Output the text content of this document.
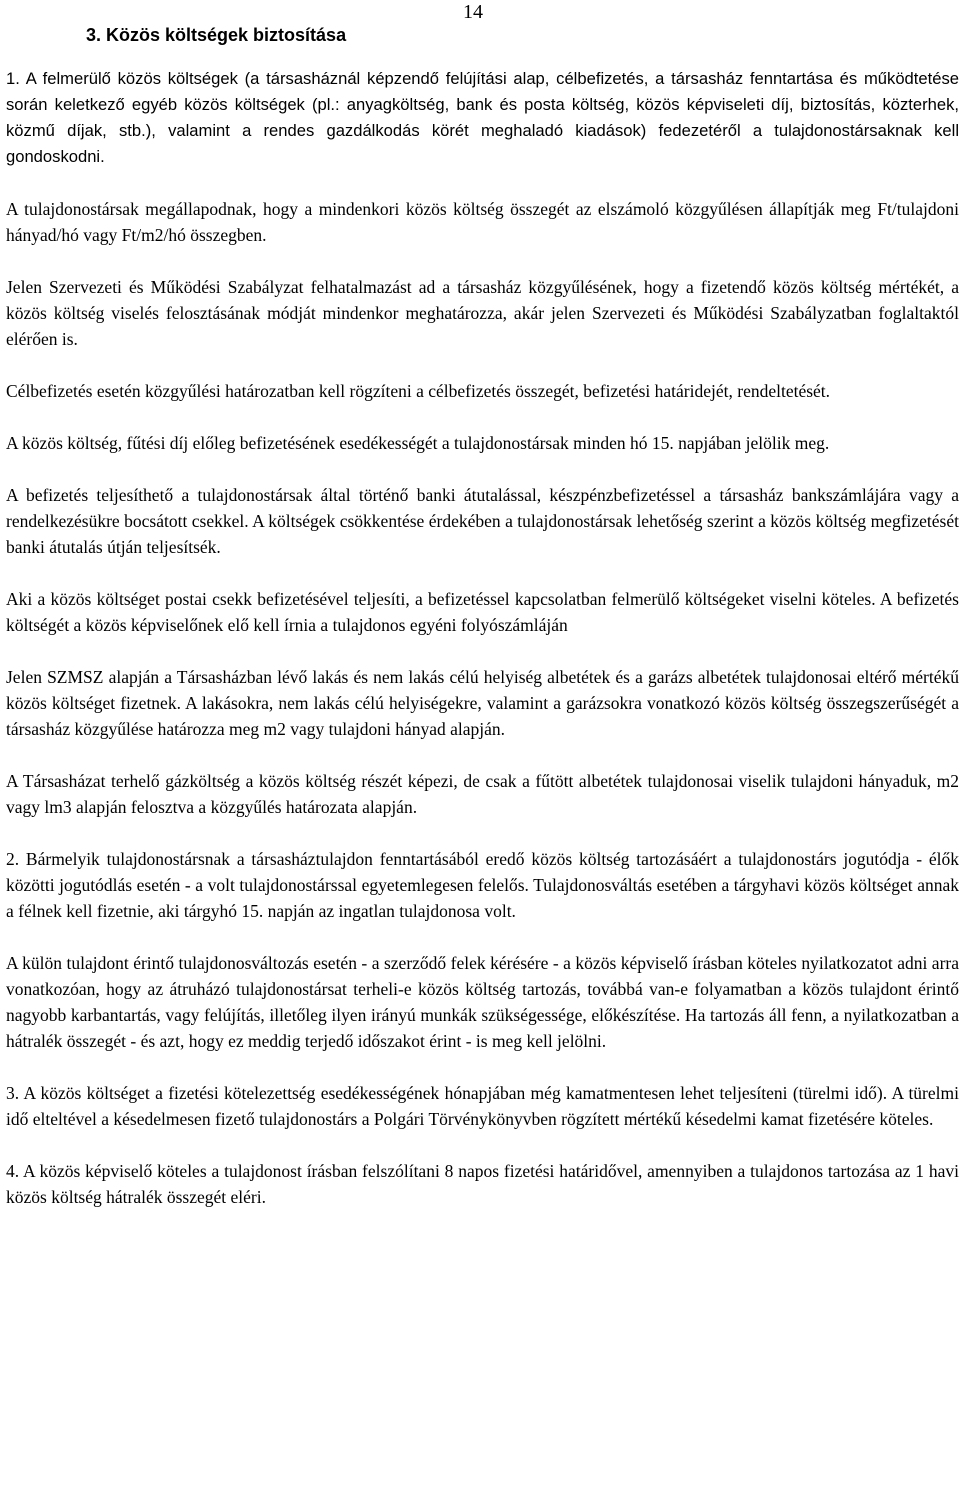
14
3. Közös költségek biztosítása

1. A felmerülő közös költségek (a társasháznál képzendő felújítási alap, célbefizetés, a társasház fenntartása és működtetése során keletkező egyéb közös költségek (pl.: anyagköltség, bank és posta költség, közös képviseleti díj, biztosítás, közterhek, közmű díjak, stb.), valamint a rendes gazdálkodás körét meghaladó kiadások) fedezetéről a tulajdonostársaknak kell gondoskodni.

A tulajdonostársak megállapodnak, hogy a mindenkori közös költség összegét az elszámoló közgyűlésen állapítják meg Ft/tulajdoni hányad/hó vagy Ft/m2/hó összegben.

Jelen Szervezeti és Működési Szabályzat felhatalmazást ad a társasház közgyűlésének, hogy a fizetendő közös költség mértékét, a közös költség viselés felosztásának módját mindenkor meghatározza, akár jelen Szervezeti és Működési Szabályzatban foglaltaktól elérően is.

Célbefizetés esetén közgyűlési határozatban kell rögzíteni a célbefizetés összegét, befizetési határidejét, rendeltetését.

A közös költség, fűtési díj előleg befizetésének esedékességét a tulajdonostársak minden hó 15. napjában jelölik meg.

A befizetés teljesíthető a tulajdonostársak által történő banki átutalással, készpénzbefizetéssel a társasház bankszámlájára vagy a rendelkezésükre bocsátott csekkel. A költségek csökkentése érdekében a tulajdonostársak lehetőség szerint a közös költség megfizetését banki átutalás útján teljesítsék.

Aki a közös költséget postai csekk befizetésével teljesíti, a befizetéssel kapcsolatban felmerülő költségeket viselni köteles. A befizetés költségét a közös képviselőnek elő kell írnia a tulajdonos egyéni folyószámláján

Jelen SZMSZ alapján a Társasházban lévő lakás és nem lakás célú helyiség albetétek és a garázs albetétek tulajdonosai eltérő mértékű közös költséget fizetnek. A lakásokra, nem lakás célú helyiségekre, valamint a garázsokra vonatkozó közös költség összegszerűségét a társasház közgyűlése határozza meg m2 vagy tulajdoni hányad alapján.

A Társasházat terhelő gázköltség a közös költség részét képezi, de csak a fűtött albetétek tulajdonosai viselik tulajdoni hányaduk, m2 vagy lm3 alapján felosztva a közgyűlés határozata alapján.

2. Bármelyik tulajdonostársnak a társasháztulajdon fenntartásából eredő közös költség tartozásáért a tulajdonostárs jogutódja - élők közötti jogutódlás esetén - a volt tulajdonostárssal egyetemlegesen felelős. Tulajdonosváltás esetében a tárgyhavi közös költséget annak a félnek kell fizetnie, aki tárgyhó 15. napján az ingatlan tulajdonosa volt.

A külön tulajdont érintő tulajdonosváltozás esetén - a szerződő felek kérésére - a közös képviselő írásban köteles nyilatkozatot adni arra vonatkozóan, hogy az átruházó tulajdonostársat terheli-e közös költség tartozás, továbbá van-e folyamatban a közös tulajdont érintő nagyobb karbantartás, vagy felújítás, illetőleg ilyen irányú munkák szükségessége, előkészítése. Ha tartozás áll fenn, a nyilatkozatban a hátralék összegét - és azt, hogy ez meddig terjedő időszakot érint - is meg kell jelölni.

3. A közös költséget a fizetési kötelezettség esedékességének hónapjában még kamatmentesen lehet teljesíteni (türelmi idő). A türelmi idő elteltével a késedelmesen fizető tulajdonostárs a Polgári Törvénykönyvben rögzített mértékű késedelmi kamat fizetésére köteles.

4. A közös képviselő köteles a tulajdonost írásban felszólítani 8 napos fizetési határidővel, amennyiben a tulajdonos tartozása az 1 havi közös költség hátralék összegét eléri.
